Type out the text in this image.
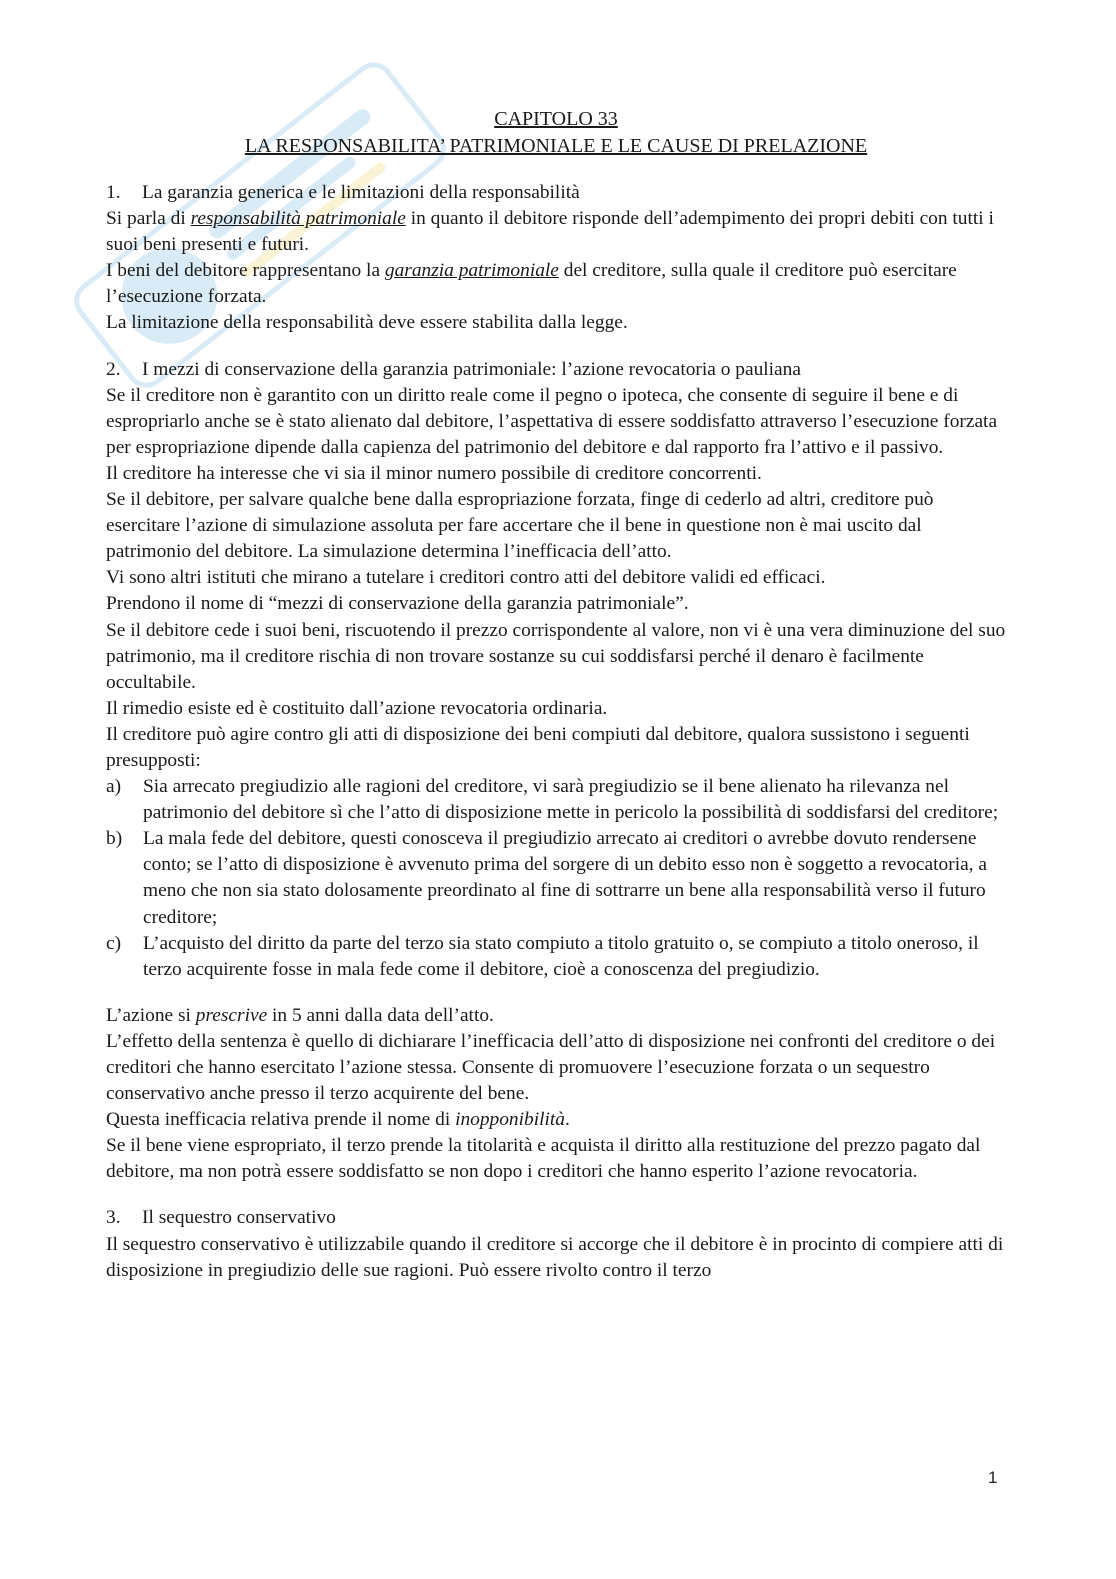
CAPITOLO 33
LA RESPONSABILITA’ PATRIMONIALE E LE CAUSE DI PRELAZIONE
1. La garanzia generica e le limitazioni della responsabilità

Si parla di responsabilità patrimoniale in quanto il debitore risponde dell’adempimento dei propri debiti con tutti i suoi beni presenti e futuri.

I beni del debitore rappresentano la garanzia patrimoniale del creditore, sulla quale il creditore può esercitare l’esecuzione forzata.

La limitazione della responsabilità deve essere stabilita dalla legge.

2. I mezzi di conservazione della garanzia patrimoniale: l’azione revocatoria o pauliana

Se il creditore non è garantito con un diritto reale come il pegno o ipoteca, che consente di seguire il bene e di espropriarlo anche se è stato alienato dal debitore, l’aspettativa di essere soddisfatto attraverso l’esecuzione forzata per espropriazione dipende dalla capienza del patrimonio del debitore e dal rapporto fra l’attivo e il passivo.

Il creditore ha interesse che vi sia il minor numero possibile di creditore concorrenti.

Se il debitore, per salvare qualche bene dalla espropriazione forzata, finge di cederlo ad altri, creditore può esercitare l’azione di simulazione assoluta per fare accertare che il bene in questione non è mai uscito dal patrimonio del debitore. La simulazione determina l’inefficacia dell’atto.

Vi sono altri istituti che mirano a tutelare i creditori contro atti del debitore validi ed efficaci.

Prendono il nome di “mezzi di conservazione della garanzia patrimoniale”.

Se il debitore cede i suoi beni, riscuotendo il prezzo corrispondente al valore, non vi è una vera diminuzione del suo patrimonio, ma il creditore rischia di non trovare sostanze su cui soddisfarsi perché il denaro è facilmente occultabile.

Il rimedio esiste ed è costituito dall’azione revocatoria ordinaria.

Il creditore può agire contro gli atti di disposizione dei beni compiuti dal debitore, qualora sussistono i seguenti presupposti:

a) Sia arrecato pregiudizio alle ragioni del creditore, vi sarà pregiudizio se il bene alienato ha rilevanza nel patrimonio del debitore sì che l’atto di disposizione mette in pericolo la possibilità di soddisfarsi del creditore;
b) La mala fede del debitore, questi conosceva il pregiudizio arrecato ai creditori o avrebbe dovuto rendersene conto; se l’atto di disposizione è avvenuto prima del sorgere di un debito esso non è soggetto a revocatoria, a meno che non sia stato dolosamente preordinato al fine di sottrarre un bene alla responsabilità verso il futuro creditore;
c) L’acquisto del diritto da parte del terzo sia stato compiuto a titolo gratuito o, se compiuto a titolo oneroso, il terzo acquirente fosse in mala fede come il debitore, cioè a conoscenza del pregiudizio.

L’azione si prescrive in 5 anni dalla data dell’atto.

L’effetto della sentenza è quello di dichiarare l’inefficacia dell’atto di disposizione nei confronti del creditore o dei creditori che hanno esercitato l’azione stessa. Consente di promuovere l’esecuzione forzata o un sequestro conservativo anche presso il terzo acquirente del bene.

Questa inefficacia relativa prende il nome di inopponibilità.

Se il bene viene espropriato, il terzo prende la titolarità e acquista il diritto alla restituzione del prezzo pagato dal debitore, ma non potrà essere soddisfatto se non dopo i creditori che hanno esperito l’azione revocatoria.

3. Il sequestro conservativo

Il sequestro conservativo è utilizzabile quando il creditore si accorge che il debitore è in procinto di compiere atti di disposizione in pregiudizio delle sue ragioni. Può essere rivolto contro il terzo

1
